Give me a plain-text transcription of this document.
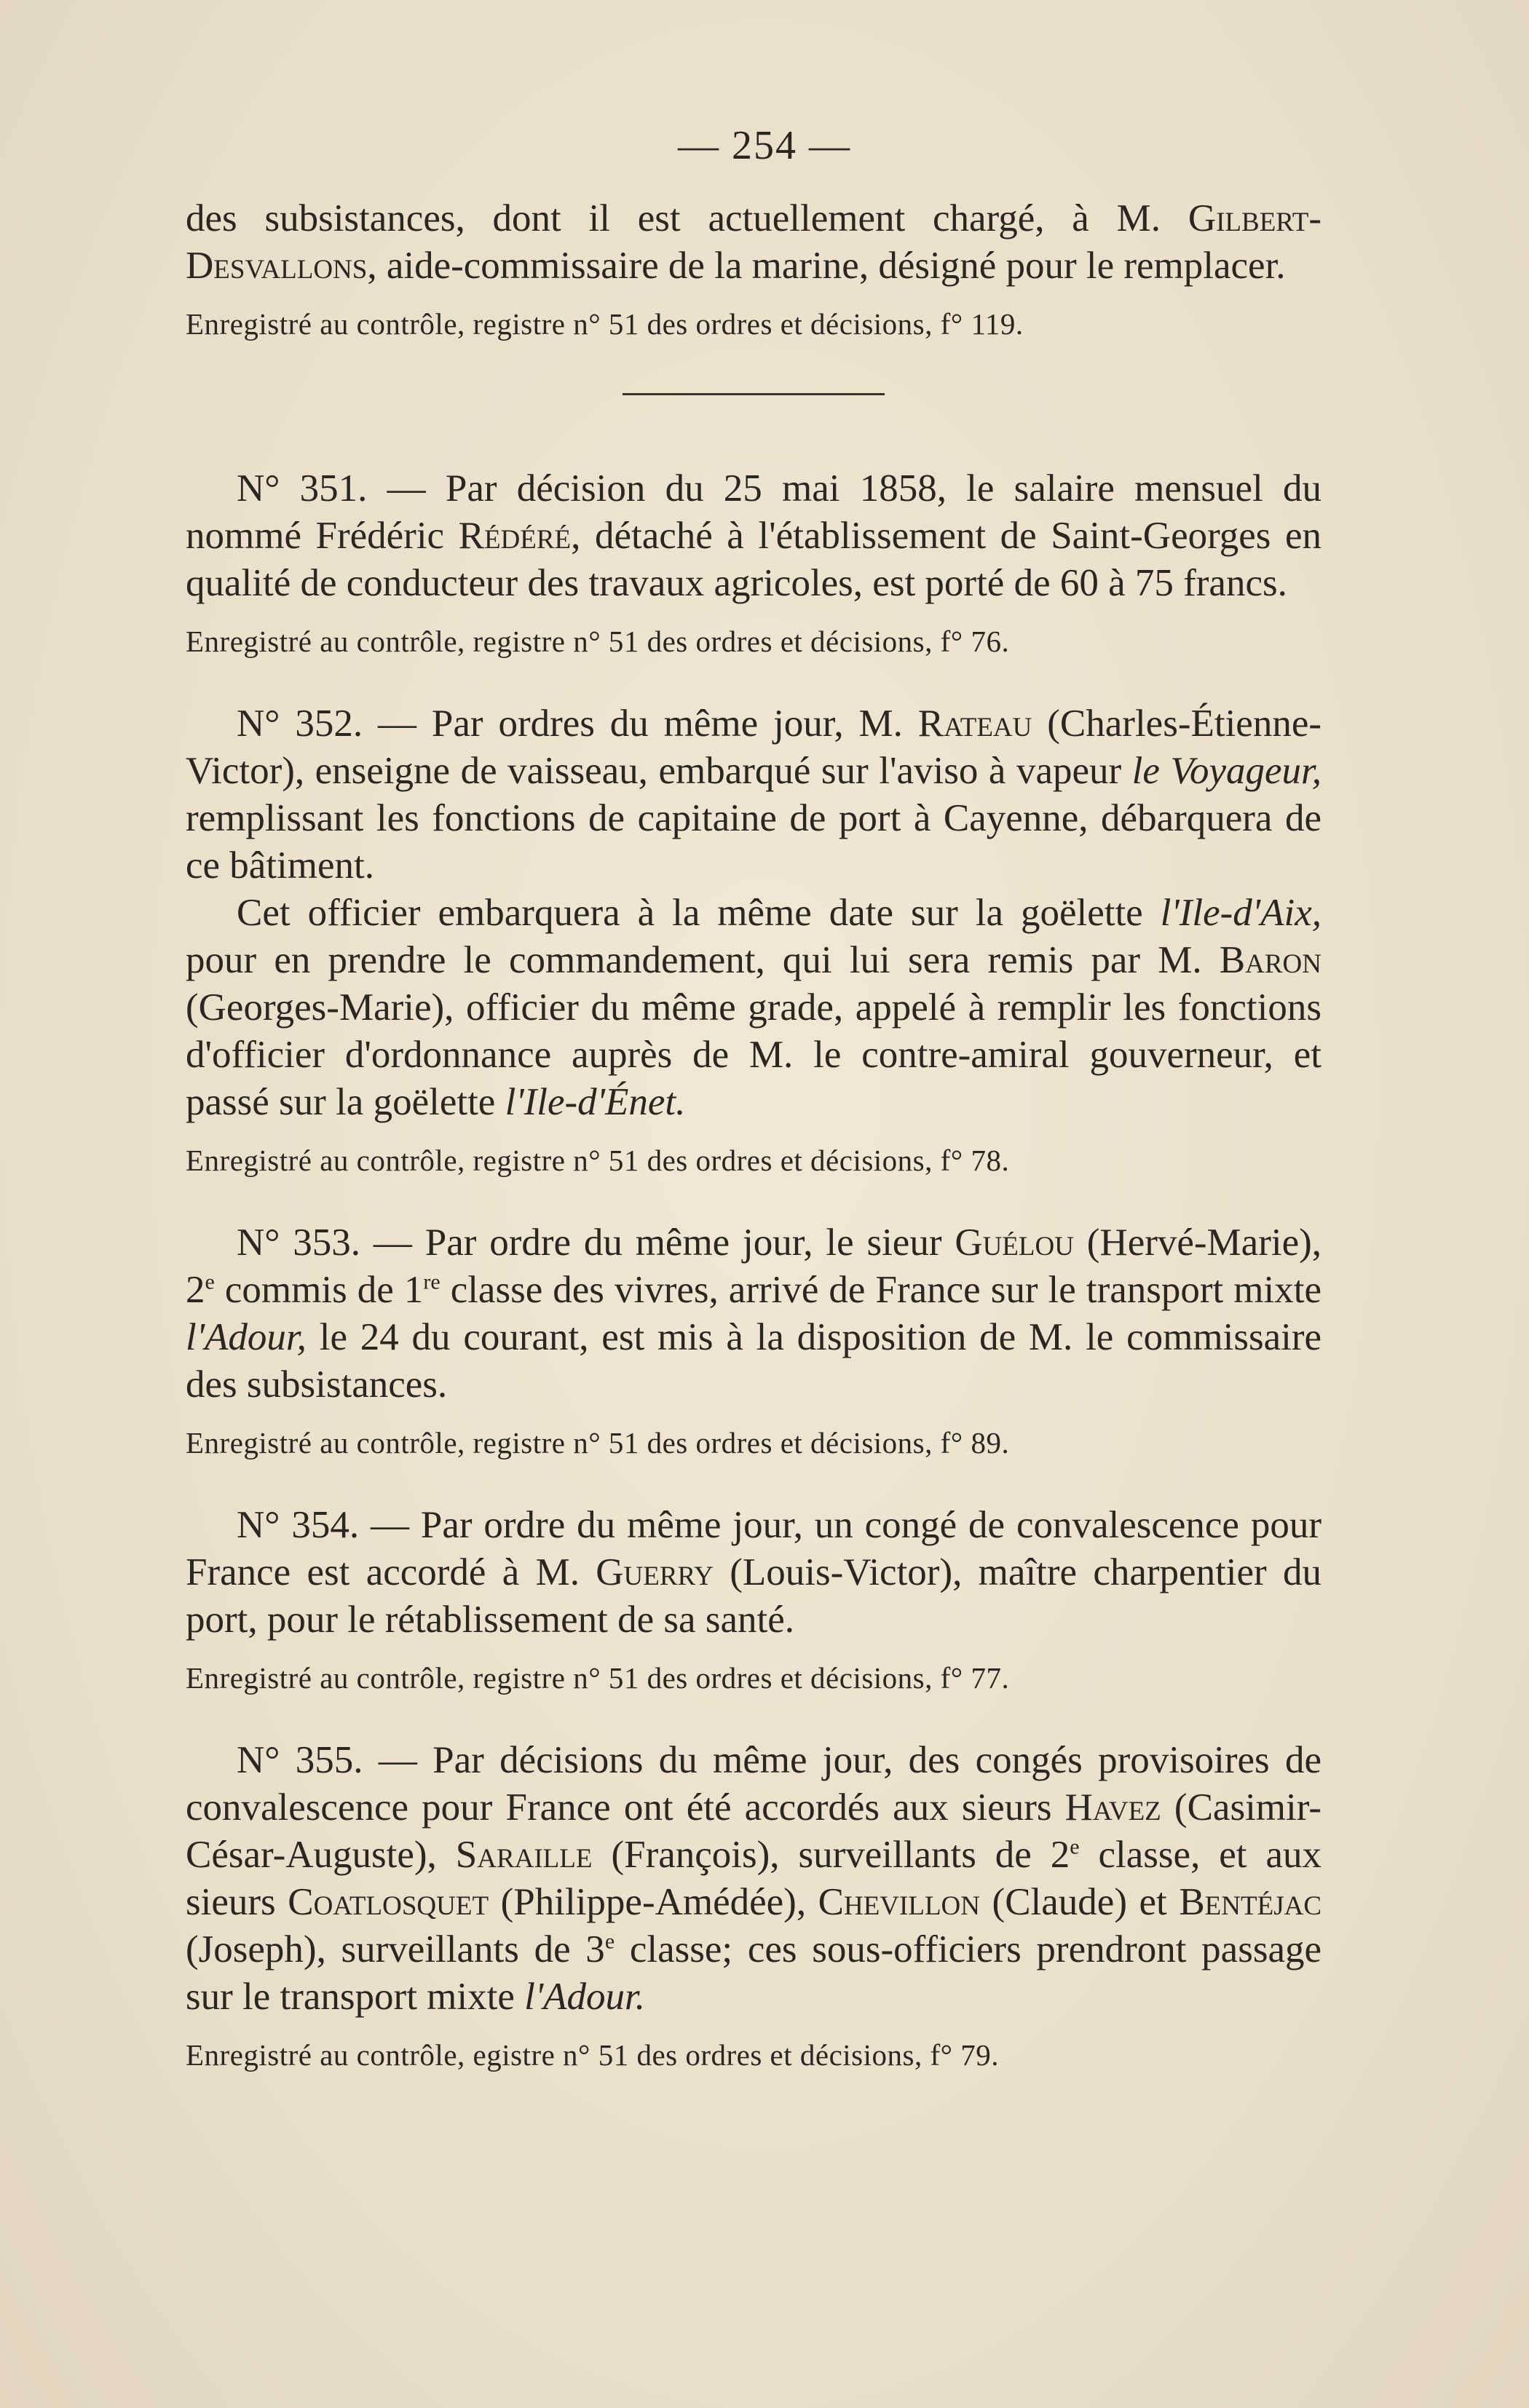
— 254 —

des subsistances, dont il est actuellement chargé, à M. Gilbert-Desvallons, aide-commissaire de la marine, désigné pour le remplacer.

Enregistré au contrôle, registre n° 51 des ordres et décisions, f° 119.

N° 351. — Par décision du 25 mai 1858, le salaire mensuel du nommé Frédéric Rédéré, détaché à l'établissement de Saint-Georges en qualité de conducteur des travaux agricoles, est porté de 60 à 75 francs.

Enregistré au contrôle, registre n° 51 des ordres et décisions, f° 76.

N° 352. — Par ordres du même jour, M. Rateau (Charles-Étienne-Victor), enseigne de vaisseau, embarqué sur l'aviso à vapeur le Voyageur, remplissant les fonctions de capitaine de port à Cayenne, débarquera de ce bâtiment.

Cet officier embarquera à la même date sur la goëlette l'Ile-d'Aix, pour en prendre le commandement, qui lui sera remis par M. Baron (Georges-Marie), officier du même grade, appelé à remplir les fonctions d'officier d'ordonnance auprès de M. le contre-amiral gouverneur, et passé sur la goëlette l'Ile-d'Énet.

Enregistré au contrôle, registre n° 51 des ordres et décisions, f° 78.

N° 353. — Par ordre du même jour, le sieur Guélou (Hervé-Marie), 2e commis de 1re classe des vivres, arrivé de France sur le transport mixte l'Adour, le 24 du courant, est mis à la disposition de M. le commissaire des subsistances.

Enregistré au contrôle, registre n° 51 des ordres et décisions, f° 89.

N° 354. — Par ordre du même jour, un congé de convalescence pour France est accordé à M. Guerry (Louis-Victor), maître charpentier du port, pour le rétablissement de sa santé.

Enregistré au contrôle, registre n° 51 des ordres et décisions, f° 77.

N° 355. — Par décisions du même jour, des congés provisoires de convalescence pour France ont été accordés aux sieurs Havez (Casimir-César-Auguste), Saraille (François), surveillants de 2e classe, et aux sieurs Coatlosquet (Philippe-Amédée), Chevillon (Claude) et Bentéjac (Joseph), surveillants de 3e classe; ces sous-officiers prendront passage sur le transport mixte l'Adour.

Enregistré au contrôle, egistre n° 51 des ordres et décisions, f° 79.
